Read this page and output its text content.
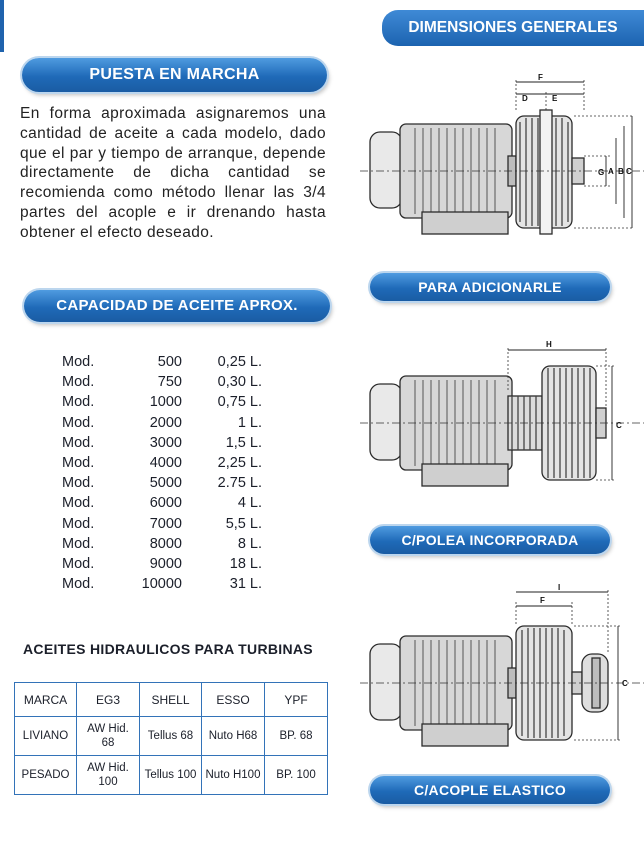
DIMENSIONES GENERALES
PUESTA EN MARCHA

En forma aproximada asignaremos una cantidad de aceite a cada modelo, dado que el par y tiempo de arranque, depende directamente de dicha cantidad se recomienda como método llenar las 3/4 partes del acople e ir drenando hasta obtener el efecto deseado.

CAPACIDAD DE ACEITE APROX.
Mod.	500	0,25 L.
Mod.	750	0,30 L.
Mod.	1000	0,75 L.
Mod.	2000	1 L.
Mod.	3000	1,5 L.
Mod.	4000	2,25 L.
Mod.	5000	2.75 L.
Mod.	6000	4 L.
Mod.	7000	5,5 L.
Mod.	8000	8 L.
Mod.	9000	18 L.
Mod.	10000	31 L.
ACEITES HIDRAULICOS PARA TURBINAS
MARCA	EG3	SHELL	ESSO	YPF
LIVIANO	AW Hid. 68	Tellus 68	Nuto H68	BP. 68
PESADO	AW Hid. 100	Tellus 100	Nuto H100	BP. 100
F
D	E
G A B C
PARA ADICIONARLE
H
C
C/POLEA INCORPORADA
I
F
C
C/ACOPLE ELASTICO
